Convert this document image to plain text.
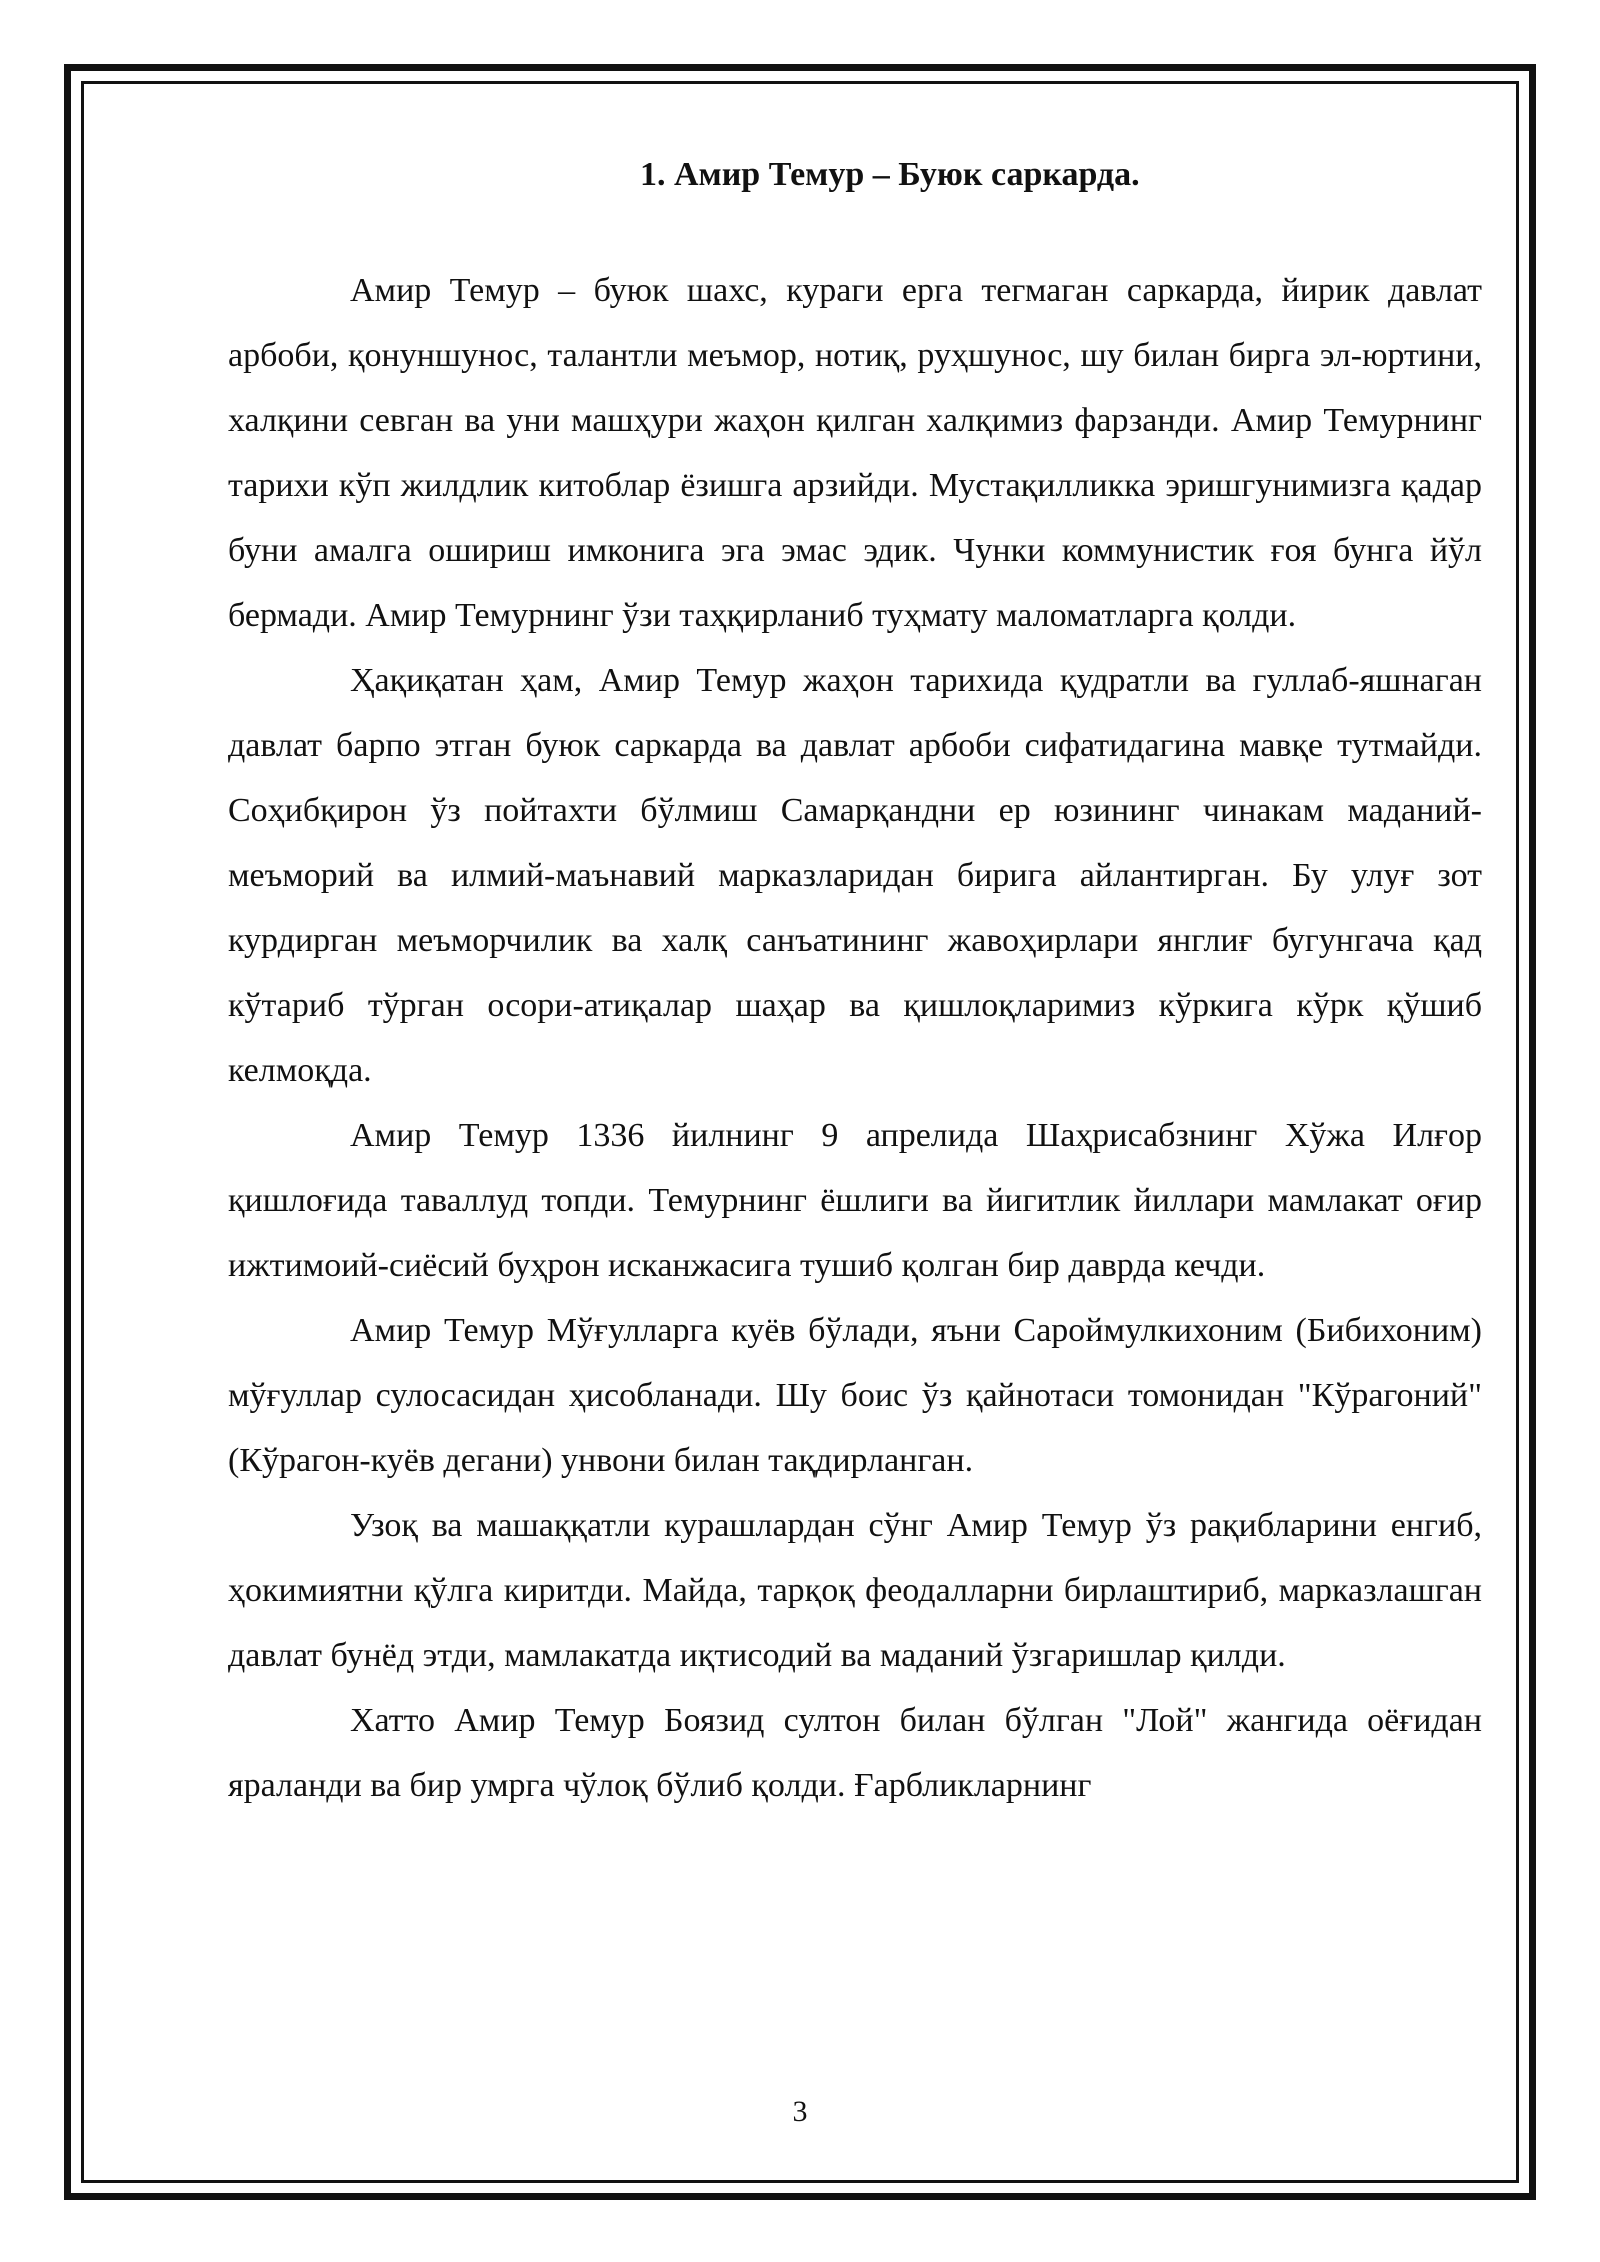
1. Амир Темур – Буюк саркарда.

Амир Темур – буюк шахс, кураги ерга тегмаган саркарда, йирик давлат арбоби, қонуншунос, талантли меъмор, нотиқ, руҳшунос, шу билан бирга эл-юртини, халқини севган ва уни машҳури жаҳон қилган халқимиз фарзанди. Амир Темурнинг тарихи кўп жилдлик китоблар ёзишга арзийди. Мустақилликка эришгунимизга қадар буни амалга ошириш имконига эга эмас эдик. Чунки коммунистик ғоя бунга йўл бермади. Амир Темурнинг ўзи таҳқирланиб туҳмату маломатларга қолди.

Ҳақиқатан ҳам, Амир Темур жаҳон тарихида қудратли ва гуллаб-яшнаган давлат барпо этган буюк саркарда ва давлат арбоби сифатидагина мавқе тутмайди. Соҳибқирон ўз пойтахти бўлмиш Самарқандни ер юзининг чинакам маданий-меъморий ва илмий-маънавий марказларидан бирига айлантирган. Бу улуғ зот курдирган меъморчилик ва халқ санъатининг жавоҳирлари янглиғ бугунгача қад кўтариб тўрган осори-атиқалар шаҳар ва қишлоқларимиз кўркига кўрк қўшиб келмоқда.

Амир Темур 1336 йилнинг 9 апрелида Шаҳрисабзнинг Хўжа Илғор қишлоғида таваллуд топди. Темурнинг ёшлиги ва йигитлик йиллари мамлакат оғир ижтимоий-сиёсий буҳрон исканжасига тушиб қолган бир даврда кечди.

Амир Темур Мўғулларга куёв бўлади, яъни Сароймулкихоним (Бибихоним) мўғуллар сулосасидан ҳисобланади. Шу боис ўз қайнотаси томонидан "Кўрагоний" (Кўрагон-куёв дегани) унвони билан тақдирланган.

Узоқ ва машаққатли курашлардан сўнг Амир Темур ўз рақибларини енгиб, ҳокимиятни қўлга киритди. Майда, тарқоқ феодалларни бирлаштириб, марказлашган давлат бунёд этди, мамлакатда иқтисодий ва маданий ўзгаришлар қилди.

Хатто Амир Темур Боязид султон билан бўлган "Лой" жангида оёғидан яраланди ва бир умрга чўлоқ бўлиб қолди. Ғарбликларнинг

3
